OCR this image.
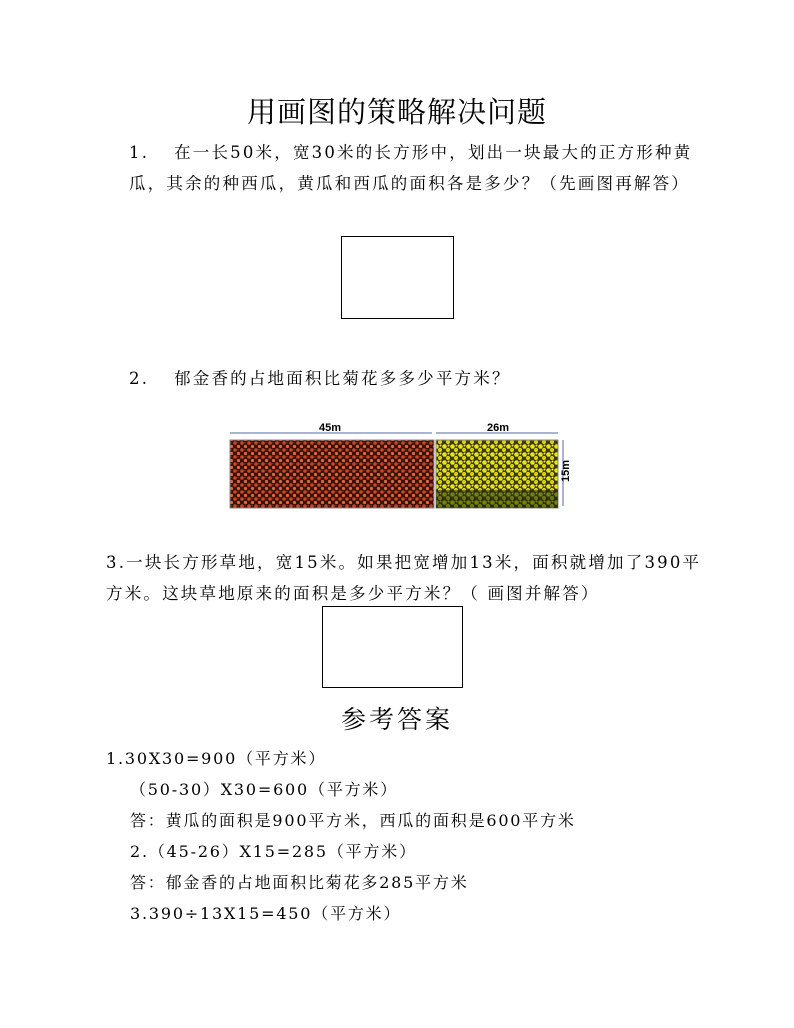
用画图的策略解决问题
1. 在一长50米，宽30米的长方形中，划出一块最大的正方形种黄瓜，其余的种西瓜，黄瓜和西瓜的面积各是多少？（先画图再解答）
2. 郁金香的占地面积比菊花多多少平方米？
45m	26m
15m
3.一块长方形草地，宽15米。如果把宽增加13米，面积就增加了390平方米。这块草地原来的面积是多少平方米？（ 画图并解答）
参考答案
1.30X30=900（平方米）
（50-30）X30=600（平方米）
答：黄瓜的面积是900平方米，西瓜的面积是600平方米
2.（45-26）X15=285（平方米）
答：郁金香的占地面积比菊花多285平方米
3.390÷13X15=450（平方米）
